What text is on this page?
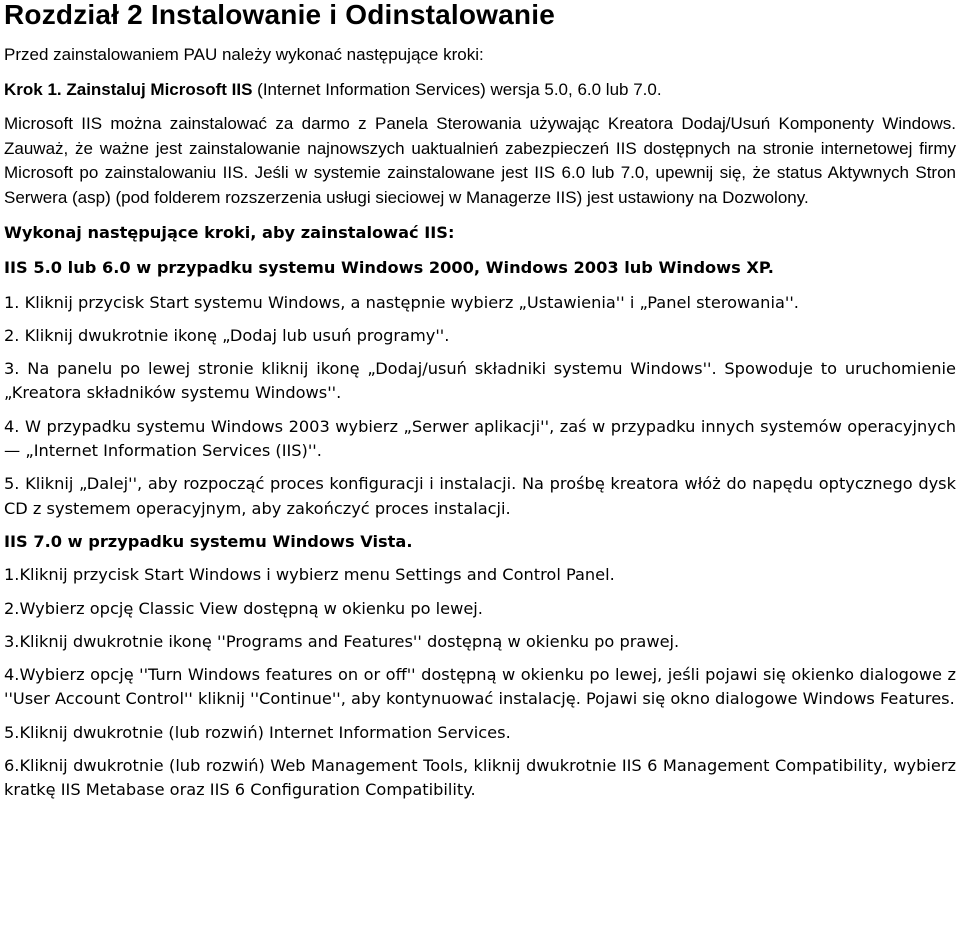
Rozdział 2 Instalowanie i Odinstalowanie

Przed zainstalowaniem PAU należy wykonać następujące kroki:

Krok 1. Zainstaluj Microsoft IIS (Internet Information Services) wersja 5.0, 6.0 lub 7.0.

Microsoft IIS można zainstalować za darmo z Panela Sterowania używając Kreatora Dodaj/Usuń Komponenty Windows. Zauważ, że ważne jest zainstalowanie najnowszych uaktualnień zabezpieczeń IIS dostępnych na stronie internetowej firmy Microsoft po zainstalowaniu IIS. Jeśli w systemie zainstalowane jest IIS 6.0 lub 7.0, upewnij się, że status Aktywnych Stron Serwera (asp) (pod folderem rozszerzenia usługi sieciowej w Managerze IIS) jest ustawiony na Dozwolony.

Wykonaj następujące kroki, aby zainstalować IIS:

IIS 5.0 lub 6.0 w przypadku systemu Windows 2000, Windows 2003 lub Windows XP.

1. Kliknij przycisk Start systemu Windows, a następnie wybierz „Ustawienia'' i „Panel sterowania''.

2. Kliknij dwukrotnie ikonę „Dodaj lub usuń programy''.

3. Na panelu po lewej stronie kliknij ikonę „Dodaj/usuń składniki systemu Windows''. Spowoduje to uruchomienie „Kreatora składników systemu Windows''.

4. W przypadku systemu Windows 2003 wybierz „Serwer aplikacji'', zaś w przypadku innych systemów operacyjnych — „Internet Information Services (IIS)''.

5. Kliknij „Dalej'', aby rozpocząć proces konfiguracji i instalacji. Na prośbę kreatora włóż do napędu optycznego dysk CD z systemem operacyjnym, aby zakończyć proces instalacji.

IIS 7.0 w przypadku systemu Windows Vista.

1.Kliknij przycisk Start Windows i wybierz menu Settings and Control Panel.

2.Wybierz opcję Classic View dostępną w okienku po lewej.

3.Kliknij dwukrotnie ikonę ''Programs and Features'' dostępną w okienku po prawej.

4.Wybierz opcję ''Turn Windows features on or off'' dostępną w okienku po lewej, jeśli pojawi się okienko dialogowe z ''User Account Control'' kliknij ''Continue'', aby kontynuować instalację. Pojawi się okno dialogowe Windows Features.

5.Kliknij dwukrotnie (lub rozwiń) Internet Information Services.

6.Kliknij dwukrotnie (lub rozwiń) Web Management Tools, kliknij dwukrotnie IIS 6 Management Compatibility, wybierz kratkę IIS Metabase oraz IIS 6 Configuration Compatibility.
